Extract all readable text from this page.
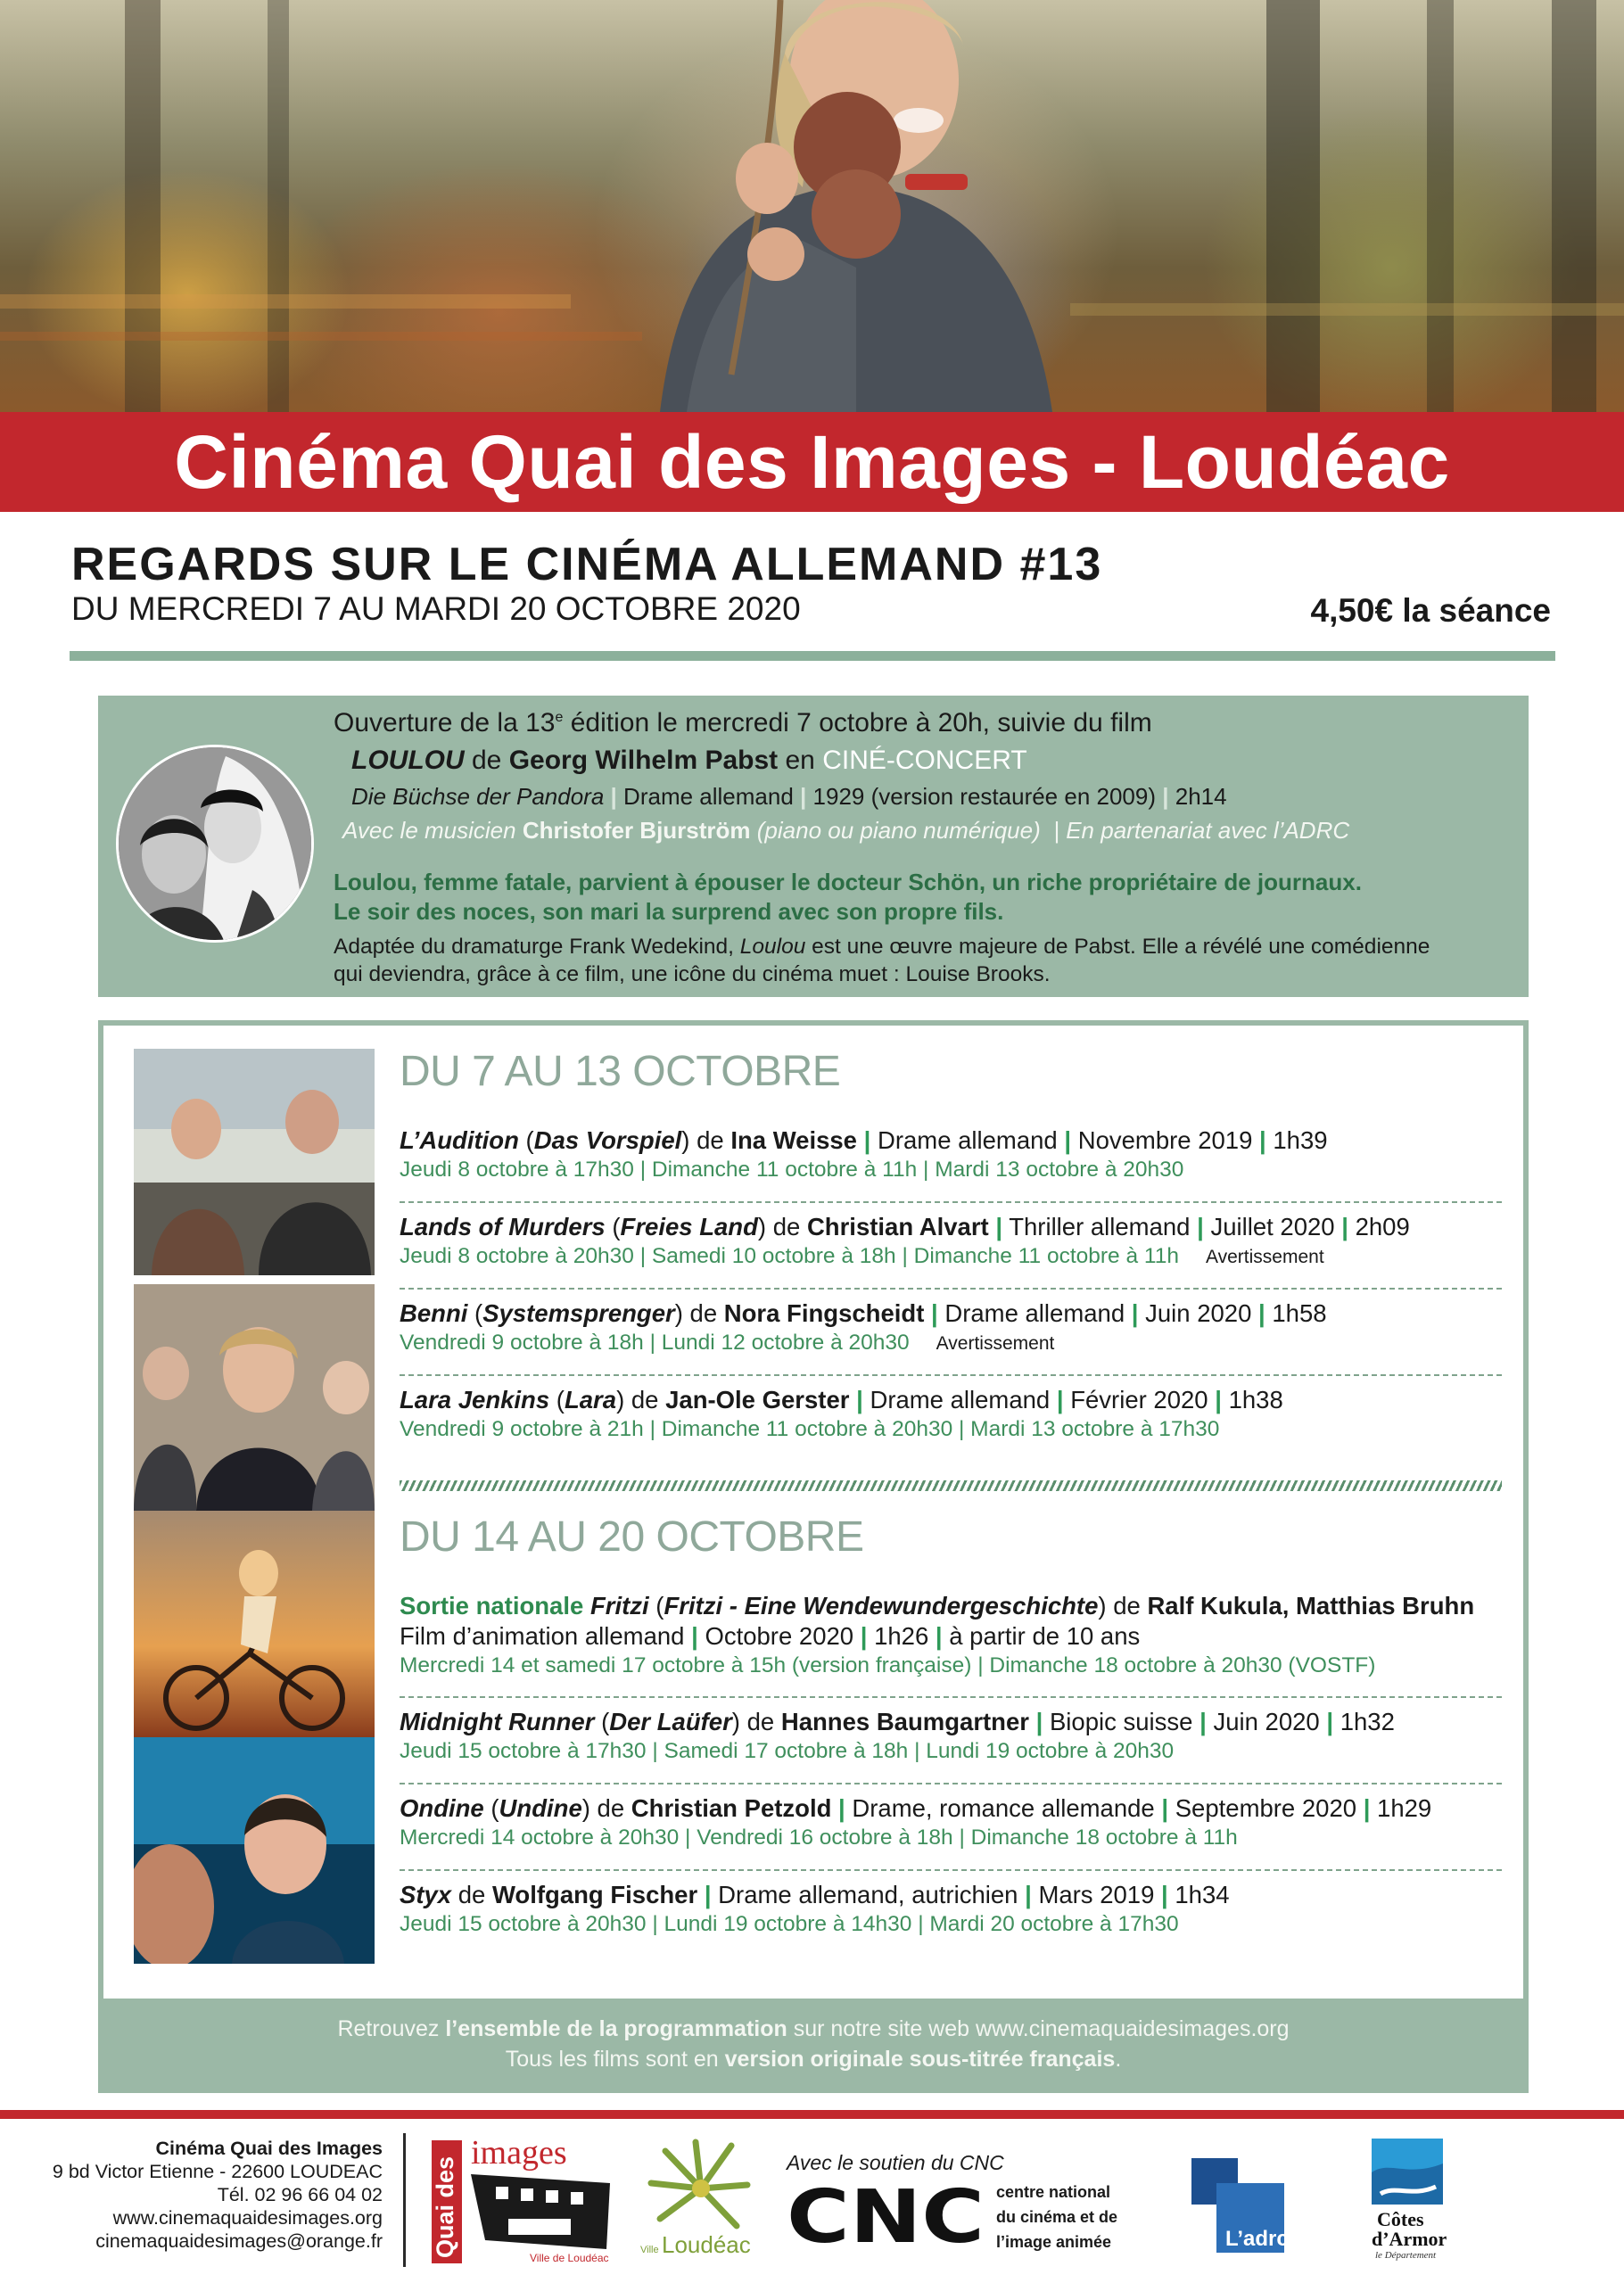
Cinéma Quai des Images - Loudéac
REGARDS SUR LE CINÉMA ALLEMAND #13
DU MERCREDI 7 AU MARDI 20 OCTOBRE 2020	4,50€ la séance
Ouverture de la 13e édition le mercredi 7 octobre à 20h, suivie du film
LOULOU de Georg Wilhelm Pabst en CINÉ-CONCERT
Die Büchse der Pandora | Drame allemand | 1929 (version restaurée en 2009) | 2h14
Avec le musicien Christofer Bjurström (piano ou piano numérique) | En partenariat avec l’ADRC
Loulou, femme fatale, parvient à épouser le docteur Schön, un riche propriétaire de journaux.
Le soir des noces, son mari la surprend avec son propre fils.
Adaptée du dramaturge Frank Wedekind, Loulou est une œuvre majeure de Pabst. Elle a révélé une comédienne
qui deviendra, grâce à ce film, une icône du cinéma muet : Louise Brooks.
DU 7 AU 13 OCTOBRE
L’Audition (Das Vorspiel) de Ina Weisse | Drame allemand | Novembre 2019 | 1h39
Jeudi 8 octobre à 17h30 | Dimanche 11 octobre à 11h | Mardi 13 octobre à 20h30
Lands of Murders (Freies Land) de Christian Alvart | Thriller allemand | Juillet 2020 | 2h09
Jeudi 8 octobre à 20h30 | Samedi 10 octobre à 18h | Dimanche 11 octobre à 11h Avertissement
Benni (Systemsprenger) de Nora Fingscheidt | Drame allemand | Juin 2020 | 1h58
Vendredi 9 octobre à 18h | Lundi 12 octobre à 20h30 Avertissement
Lara Jenkins (Lara) de Jan-Ole Gerster | Drame allemand | Février 2020 | 1h38
Vendredi 9 octobre à 21h | Dimanche 11 octobre à 20h30 | Mardi 13 octobre à 17h30
DU 14 AU 20 OCTOBRE
Sortie nationale Fritzi (Fritzi - Eine Wendewundergeschichte) de Ralf Kukula, Matthias Bruhn
Film d’animation allemand | Octobre 2020 | 1h26 | à partir de 10 ans
Mercredi 14 et samedi 17 octobre à 15h (version française) | Dimanche 18 octobre à 20h30 (VOSTF)
Midnight Runner (Der Laüfer) de Hannes Baumgartner | Biopic suisse | Juin 2020 | 1h32
Jeudi 15 octobre à 17h30 | Samedi 17 octobre à 18h | Lundi 19 octobre à 20h30
Ondine (Undine) de Christian Petzold | Drame, romance allemande | Septembre 2020 | 1h29
Mercredi 14 octobre à 20h30 | Vendredi 16 octobre à 18h | Dimanche 18 octobre à 11h
Styx de Wolfgang Fischer | Drame allemand, autrichien | Mars 2019 | 1h34
Jeudi 15 octobre à 20h30 | Lundi 19 octobre à 14h30 | Mardi 20 octobre à 17h30
Retrouvez l’ensemble de la programmation sur notre site web www.cinemaquaidesimages.org
Tous les films sont en version originale sous-titrée français.
Cinéma Quai des Images
9 bd Victor Etienne - 22600 LOUDEAC
Tél. 02 96 66 04 02
www.cinemaquaidesimages.org
cinemaquaidesimages@orange.fr Quai des
images
Ville de Loudéac
Ville Loudéac
Avec le soutien du CNC
CNC centre national
du cinéma et de
l’image animée	L’adrc
Côtes
d’Armor
le Département
